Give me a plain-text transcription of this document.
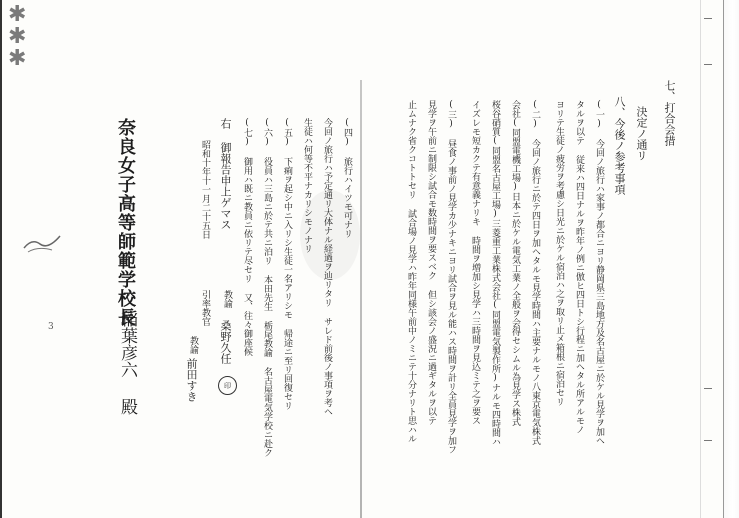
✱
✱
✱
七、打合会措
決定ノ通リ
八、今後ノ参考事項
(一) 今回ノ旅行ハ家事ノ都合ニヨリ静岡県三島地方及名古屋ニ於ケル見学ヲ加ヘ
タルヲ以テ 従来ハ四日ナルヲ昨年ノ例ニ倣ヒ四日トシ行程ニ加ヘタル所アルモノ
ヨリテ生徒ノ疲労ヲ考慮シ日光ニ於ケル宿泊ハ之ヲ取リ止メ箱根ニ宿泊セリ
(二) 今回ノ旅行ニ於テ四日ヲ加ヘタルモ見学時間ハ主要ナルモノ八東京電気株式
会社(同盟電機工場)日本ニ於ケル電気工業ノ全般ヲ会得セシムル為見学ス株式
桜谷硝質(同盟名古屋工場)三菱重工業株式会社(同盟電気製作所)ナルモ四時間ハ
イズレモ短カクテ有意義ナリキ 時間ヲ増加シ見学ハ三時間ヲ見込ミテ之ヲ要ス
(三) 昼食ノ事前ノ見学カ少ナキニヨリ試合ヲ見ル能ハス時間ヲ計リ全員見学ヲ加フ
見学ヲ午前ニ制限シ試合モ数時間ヲ要スベク 但シ該会ノ盛況ニ過ギタルヲ以テ
止ムナク省クコトトセリ 試合場ノ見学ハ昨年同様午前中ノミニテ十分ナリト思ハル
(四) 旅行ハイツモ可ナリ
今回ノ旅行ハ予定通リ大体ナル経過ヲ辿リタリ サレド前後ノ事項ヲ考ヘ
生徒ハ何等不平ナカリシモノナリ
(五) 下痢ヲ起シ中ニ入リシ生徒一名アリシモ 帰途ニ至リ回復セリ
(六) 役員ハ三島ニ於テ共ニ泊リ 本田先生 栃尾教諭 名古屋電気学校ニ赴ク
(七) 御用ハ既ニ教員ニ依リテ尽セリ 又、往々御座候
右 御報告申上ゲマス
昭和十年十一月二十五日
引率教官 教諭
桑野久任
印
教諭
前田すき
奈良女子高等師範学校長
稲葉彦六 殿
3
